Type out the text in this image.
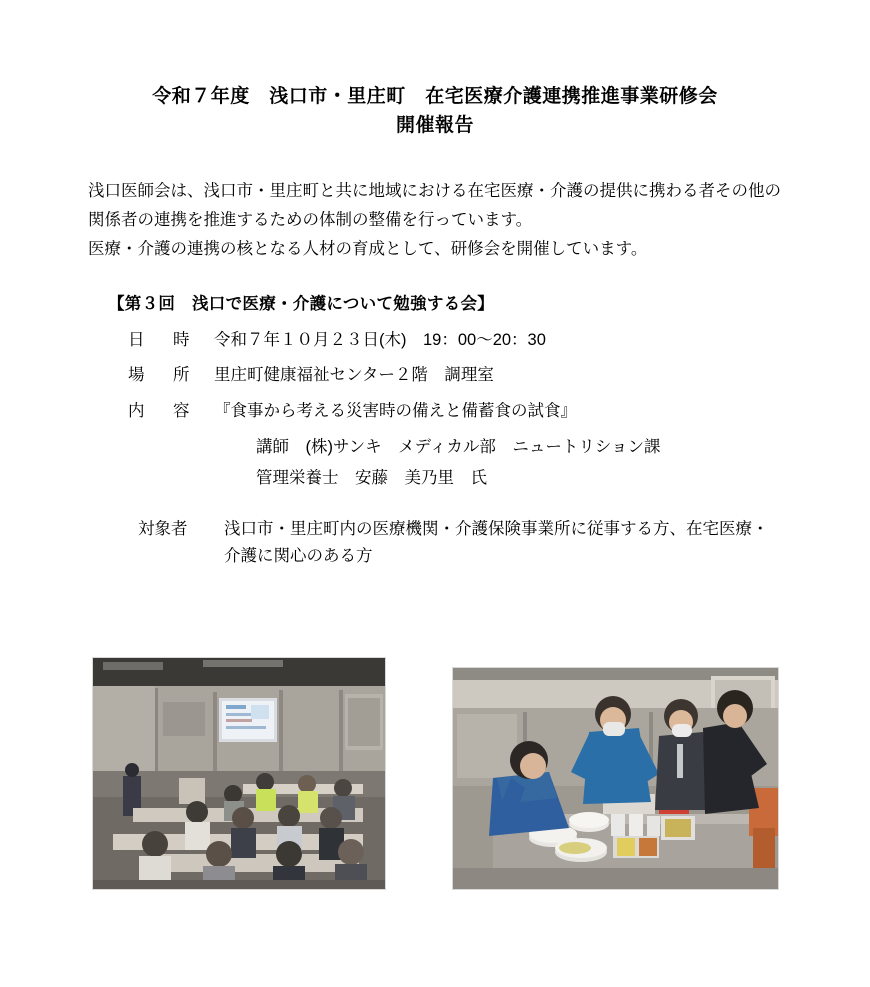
令和７年度　浅口市・里庄町　在宅医療介護連携推進事業研修会
開催報告

浅口医師会は、浅口市・里庄町と共に地域における在宅医療・介護の提供に携わる者その他の関係者の連携を推進するための体制の整備を行っています。

医療・介護の連携の核となる人材の育成として、研修会を開催しています。

【第３回　浅口で医療・介護について勉強する会】
日　時	令和７年１０月２３日(木)　19：00～20：30
場　所	里庄町健康福祉センター２階　調理室
内　容	『食事から考える災害時の備えと備蓄食の試食』
講師　(株)サンキ　メディカル部　ニュートリション課
管理栄養士　安藤　美乃里　氏
対象者	浅口市・里庄町内の医療機関・介護保険事業所に従事する方、在宅医療・介護に関心のある方
